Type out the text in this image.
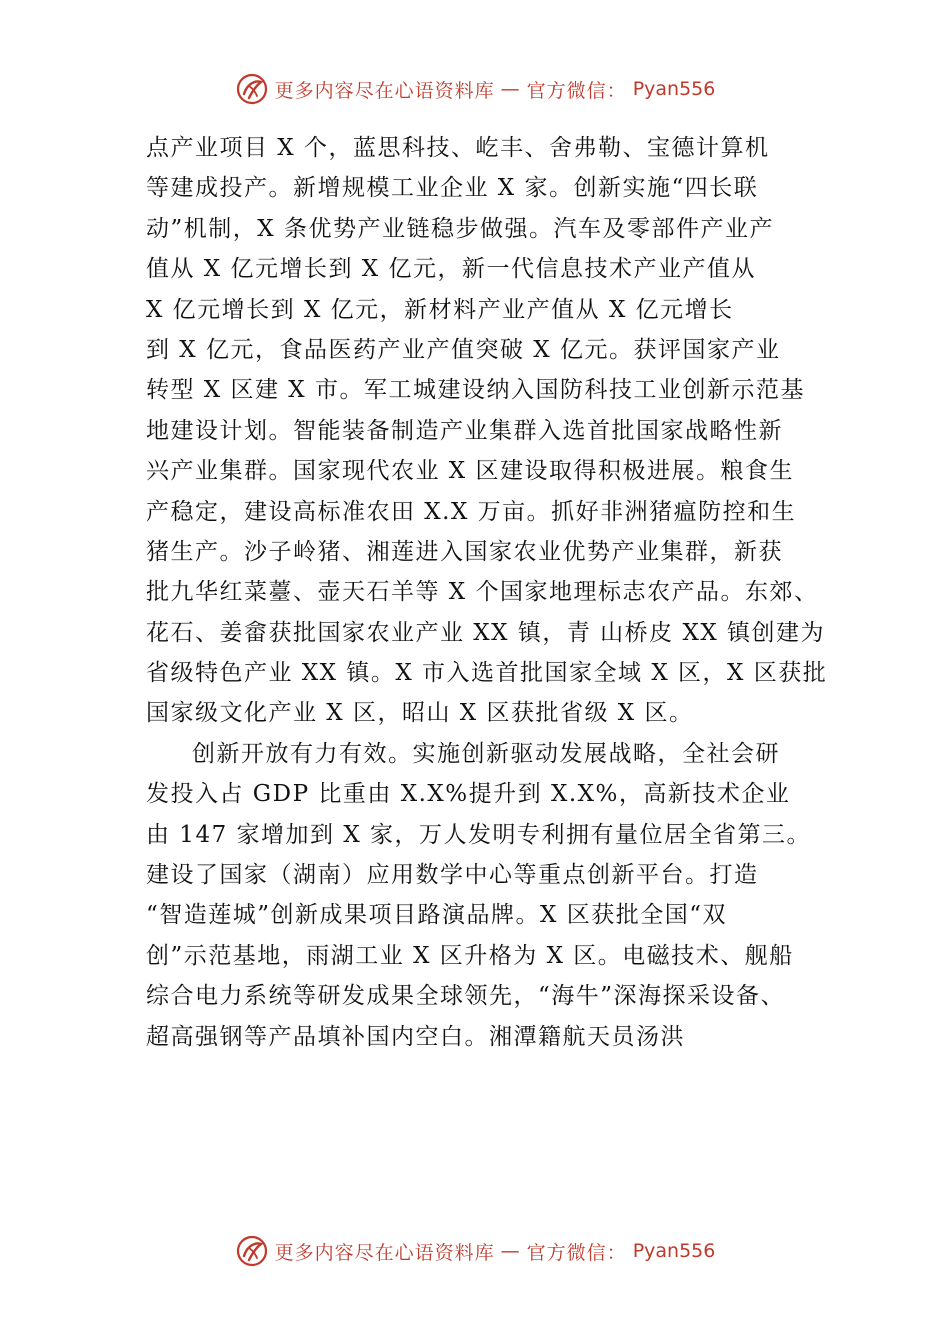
更多内容尽在心语资料库 — 官方微信： Pyan556
点产业项目 X 个，蓝思科技、屹丰、舍弗勒、宝德计算机
等建成投产。新增规模工业企业 X 家。创新实施“四长联
动”机制，X 条优势产业链稳步做强。汽车及零部件产业产
值从 X 亿元增长到 X 亿元，新一代信息技术产业产值从
X 亿元增长到 X 亿元，新材料产业产值从 X 亿元增长
到 X 亿元，食品医药产业产值突破 X 亿元。获评国家产业
转型 X 区建 X 市。军工城建设纳入国防科技工业创新示范基
地建设计划。智能装备制造产业集群入选首批国家战略性新
兴产业集群。国家现代农业 X 区建设取得积极进展。粮食生
产稳定，建设高标准农田 X.X 万亩。抓好非洲猪瘟防控和生
猪生产。沙子岭猪、湘莲进入国家农业优势产业集群，新获
批九华红菜薹、壶天石羊等 X 个国家地理标志农产品。东郊、
花石、姜畲获批国家农业产业 XX 镇，青 山桥皮 XX 镇创建为
省级特色产业 XX 镇。X 市入选首批国家全域 X 区，X 区获批
国家级文化产业 X 区，昭山 X 区获批省级 X 区。
创新开放有力有效。实施创新驱动发展战略，全社会研
发投入占 GDP 比重由 X.X%提升到 X.X%，高新技术企业
由 147 家增加到 X 家，万人发明专利拥有量位居全省第三。
建设了国家（湖南）应用数学中心等重点创新平台。打造
“智造莲城”创新成果项目路演品牌。X 区获批全国“双
创”示范基地，雨湖工业 X 区升格为 X 区。电磁技术、舰船
综合电力系统等研发成果全球领先，“海牛”深海探采设备、
超高强钢等产品填补国内空白。湘潭籍航天员汤洪
更多内容尽在心语资料库 — 官方微信： Pyan556
